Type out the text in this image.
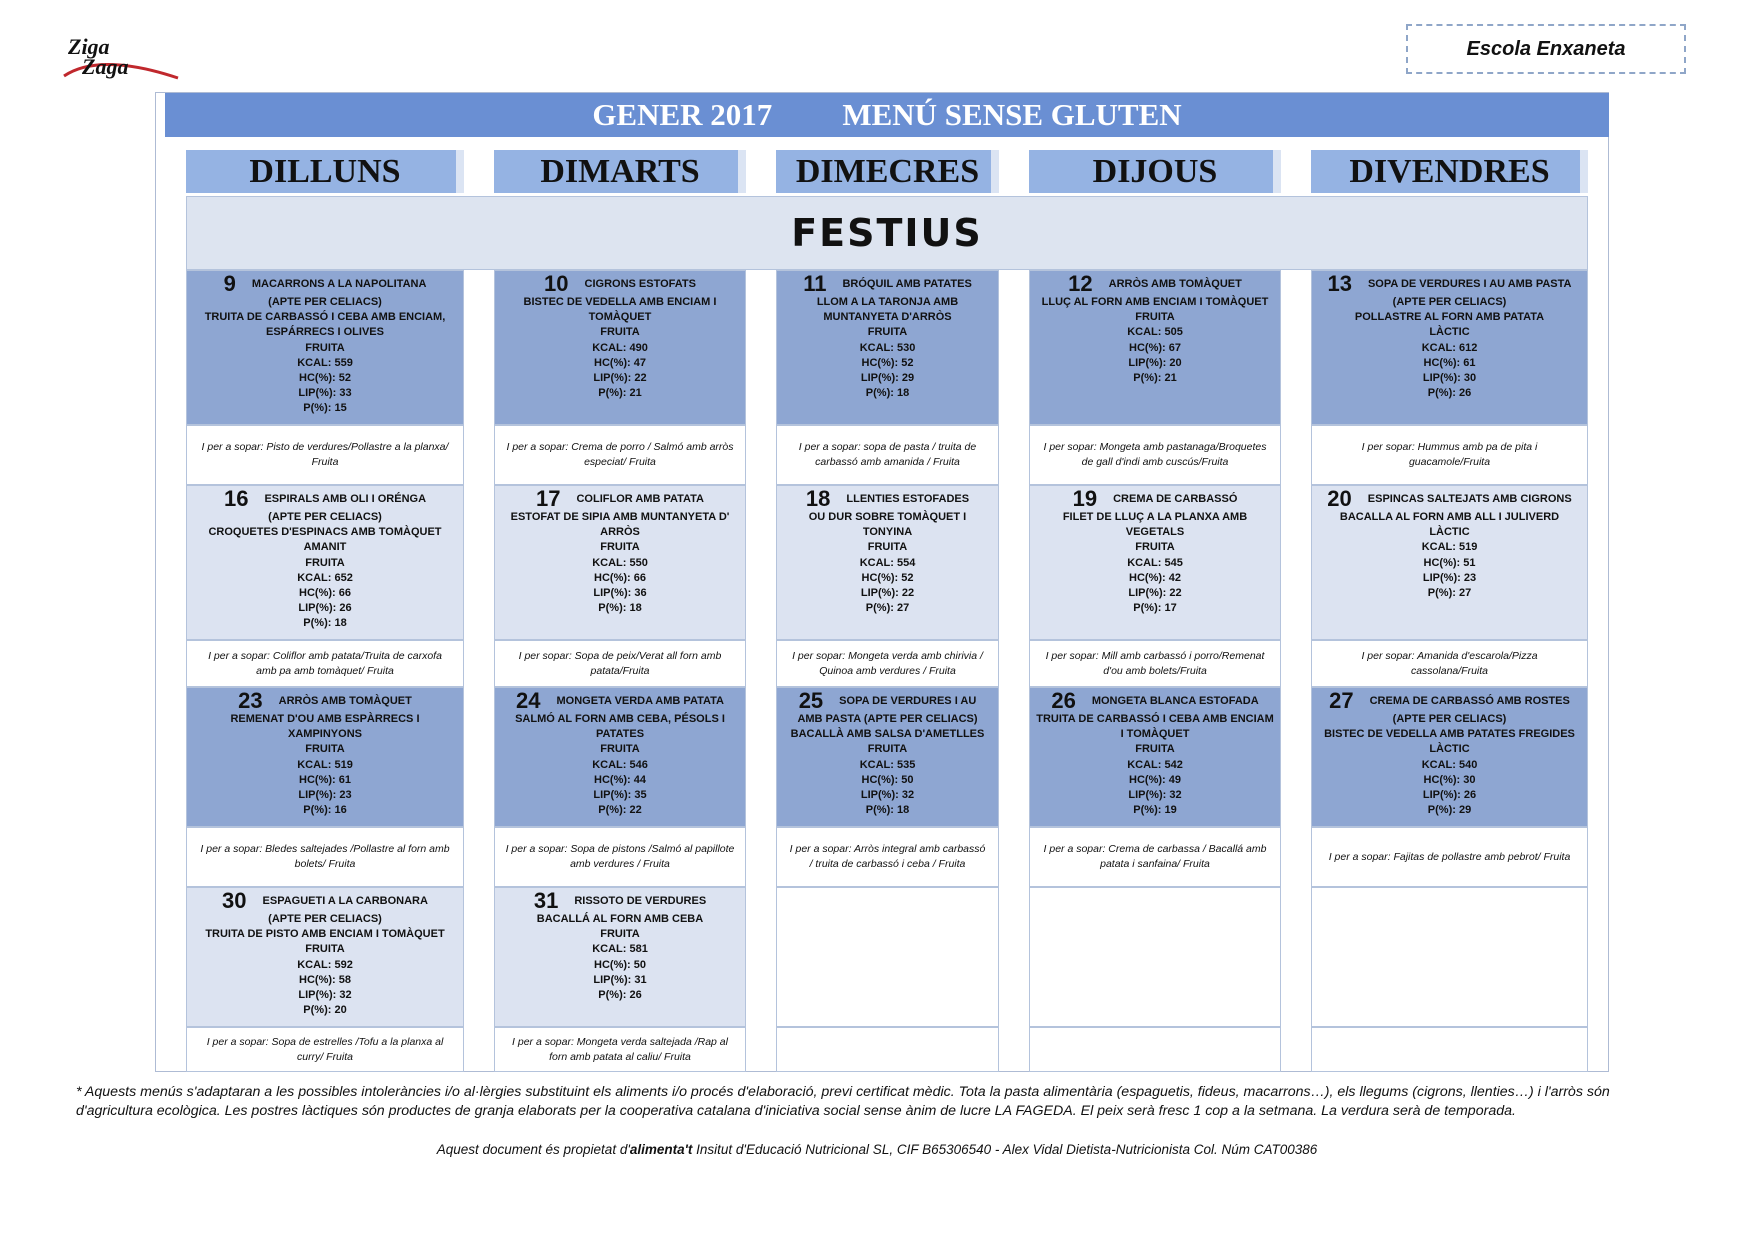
Ziga
Zaga
Escola Enxaneta
GENER 2017 MENÚ SENSE GLUTEN
DILLUNS	DIMARTS	DIMECRES	DIJOUS	DIVENDRES
FESTIUS
9 MACARRONS A LA NAPOLITANA
(APTE PER CELIACS)
TRUITA DE CARBASSÓ I CEBA AMB ENCIAM,
ESPÁRRECS I OLIVES
FRUITA
KCAL: 559
HC(%): 52
LIP(%): 33
P(%): 15
I per a sopar: Pisto de verdures/Pollastre a la planxa/ Fruita
10 CIGRONS ESTOFATS
BISTEC DE VEDELLA AMB ENCIAM I
TOMÀQUET
FRUITA
KCAL: 490
HC(%): 47
LIP(%): 22
P(%): 21
I per a sopar: Crema de porro / Salmó amb arròs especiat/ Fruita
11 BRÓQUIL AMB PATATES
LLOM A LA TARONJA AMB
MUNTANYETA D'ARRÒS
FRUITA
KCAL: 530
HC(%): 52
LIP(%): 29
P(%): 18
I per a sopar: sopa de pasta / truita de carbassó amb amanida / Fruita
12 ARRÒS AMB TOMÀQUET
LLUÇ AL FORN AMB ENCIAM I TOMÀQUET
FRUITA
KCAL: 505
HC(%): 67
LIP(%): 20
P(%): 21
I per sopar: Mongeta amb pastanaga/Broquetes de gall d'indi amb cuscús/Fruita
13 SOPA DE VERDURES I AU AMB PASTA
(APTE PER CELIACS)
POLLASTRE AL FORN AMB PATATA
LÀCTIC
KCAL: 612
HC(%): 61
LIP(%): 30
P(%): 26
I per sopar: Hummus amb pa de pita i guacamole/Fruita
16 ESPIRALS AMB OLI I ORÉNGA
(APTE PER CELIACS)
CROQUETES D'ESPINACS AMB TOMÀQUET
AMANIT
FRUITA
KCAL: 652
HC(%): 66
LIP(%): 26
P(%): 18
I per a sopar: Coliflor amb patata/Truita de carxofa amb pa amb tomàquet/ Fruita
17 COLIFLOR AMB PATATA
ESTOFAT DE SIPIA AMB MUNTANYETA D'
ARRÒS
FRUITA
KCAL: 550
HC(%): 66
LIP(%): 36
P(%): 18
I per sopar: Sopa de peix/Verat all forn amb patata/Fruita
18 LLENTIES ESTOFADES
OU DUR SOBRE TOMÀQUET I
TONYINA
FRUITA
KCAL: 554
HC(%): 52
LIP(%): 22
P(%): 27
I per sopar: Mongeta verda amb chirivia / Quinoa amb verdures / Fruita
19 CREMA DE CARBASSÓ
FILET DE LLUÇ A LA PLANXA AMB VEGETALS
FRUITA
KCAL: 545
HC(%): 42
LIP(%): 22
P(%): 17
I per sopar: Mill amb carbassó i porro/Remenat d'ou amb bolets/Fruita
20 ESPINCAS SALTEJATS AMB CIGRONS
BACALLA AL FORN AMB ALL I JULIVERD
LÀCTIC
KCAL: 519
HC(%): 51
LIP(%): 23
P(%): 27
I per sopar: Amanida d'escarola/Pizza cassolana/Fruita
23 ARRÒS AMB TOMÀQUET
REMENAT D'OU AMB ESPÀRRECS I XAMPINYONS
FRUITA
KCAL: 519
HC(%): 61
LIP(%): 23
P(%): 16
I per a sopar: Bledes saltejades /Pollastre al forn amb bolets/ Fruita
24 MONGETA VERDA AMB PATATA
SALMÓ AL FORN AMB CEBA, PÉSOLS I
PATATES
FRUITA
KCAL: 546
HC(%): 44
LIP(%): 35
P(%): 22
I per a sopar: Sopa de pistons /Salmó al papillote amb verdures / Fruita
25 SOPA DE VERDURES I AU
AMB PASTA (APTE PER CELIACS)
BACALLÀ AMB SALSA D'AMETLLES
FRUITA
KCAL: 535
HC(%): 50
LIP(%): 32
P(%): 18
I per a sopar: Arròs integral amb carbassó / truita de carbassó i ceba / Fruita
26 MONGETA BLANCA ESTOFADA
TRUITA DE CARBASSÓ I CEBA AMB ENCIAM
I TOMÀQUET
FRUITA
KCAL: 542
HC(%): 49
LIP(%): 32
P(%): 19
I per a sopar: Crema de carbassa / Bacallá amb patata i sanfaina/ Fruita
27 CREMA DE CARBASSÓ AMB ROSTES
(APTE PER CELIACS)
BISTEC DE VEDELLA AMB PATATES FREGIDES
LÀCTIC
KCAL: 540
HC(%): 30
LIP(%): 26
P(%): 29
I per a sopar: Fajitas de pollastre amb pebrot/ Fruita
30 ESPAGUETI A LA CARBONARA
(APTE PER CELIACS)
TRUITA DE PISTO AMB ENCIAM I TOMÀQUET
FRUITA
KCAL: 592
HC(%): 58
LIP(%): 32
P(%): 20
I per a sopar: Sopa de estrelles /Tofu a la planxa al curry/ Fruita
31 RISSOTO DE VERDURES
BACALLÁ AL FORN AMB CEBA
FRUITA
KCAL: 581
HC(%): 50
LIP(%): 31
P(%): 26
I per a sopar: Mongeta verda saltejada /Rap al forn amb patata al caliu/ Fruita
* Aquests menús s'adaptaran a les possibles intoleràncies i/o al·lèrgies substituint els aliments i/o procés d'elaboració, previ certificat mèdic. Tota la pasta alimentària (espaguetis, fideus, macarrons…), els llegums (cigrons, llenties…) i l'arròs són d'agricultura ecològica. Les postres làctiques són productes de granja elaborats per la cooperativa catalana d'iniciativa social sense ànim de lucre LA FAGEDA. El peix serà fresc 1 cop a la setmana. La verdura serà de temporada.
Aquest document és propietat d'alimenta't Insitut d'Educació Nutricional SL, CIF B65306540 - Alex Vidal Dietista-Nutricionista Col. Núm CAT00386
